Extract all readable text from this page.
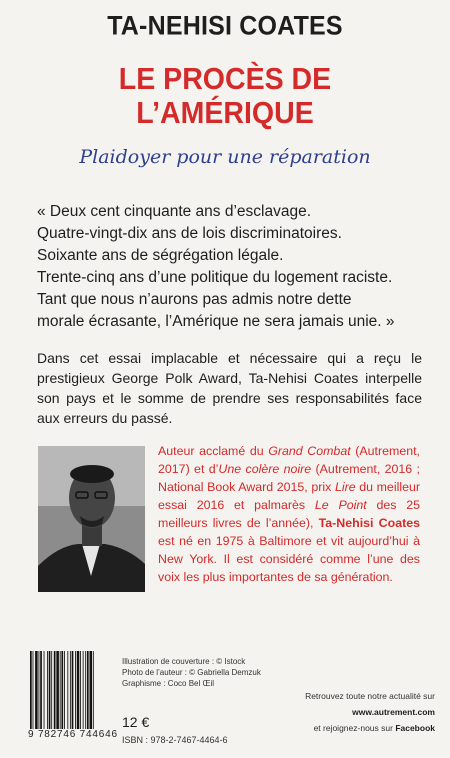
TA-NEHISI COATES
LE PROCÈS DE
L’AMÉRIQUE
Plaidoyer pour une réparation
« Deux cent cinquante ans d’esclavage.
Quatre-vingt-dix ans de lois discriminatoires.
Soixante ans de ségrégation légale.
Trente-cinq ans d’une politique du logement raciste.
Tant que nous n’aurons pas admis notre dette
morale écrasante, l’Amérique ne sera jamais unie. »
Dans cet essai implacable et nécessaire qui a reçu le prestigieux George Polk Award, Ta-Nehisi Coates interpelle son pays et le somme de prendre ses responsabilités face aux erreurs du passé.
Auteur acclamé du Grand Combat (Autrement, 2017) et d’Une colère noire (Autrement, 2016 ; National Book Award 2015, prix Lire du meilleur essai 2016 et palmarès Le Point des 25 meilleurs livres de l’année), Ta-Nehisi Coates est né en 1975 à Baltimore et vit aujourd’hui à New York. Il est considéré comme l’une des voix les plus importantes de sa génération.
9 782746 744646
Illustration de couverture : © Istock
Photo de l’auteur : © Gabriella Demzuk
Graphisme : Coco Bel Œil
12 €
ISBN : 978-2-7467-4464-6
Retrouvez toute notre actualité sur
www.autrement.com
et rejoignez-nous sur Facebook
